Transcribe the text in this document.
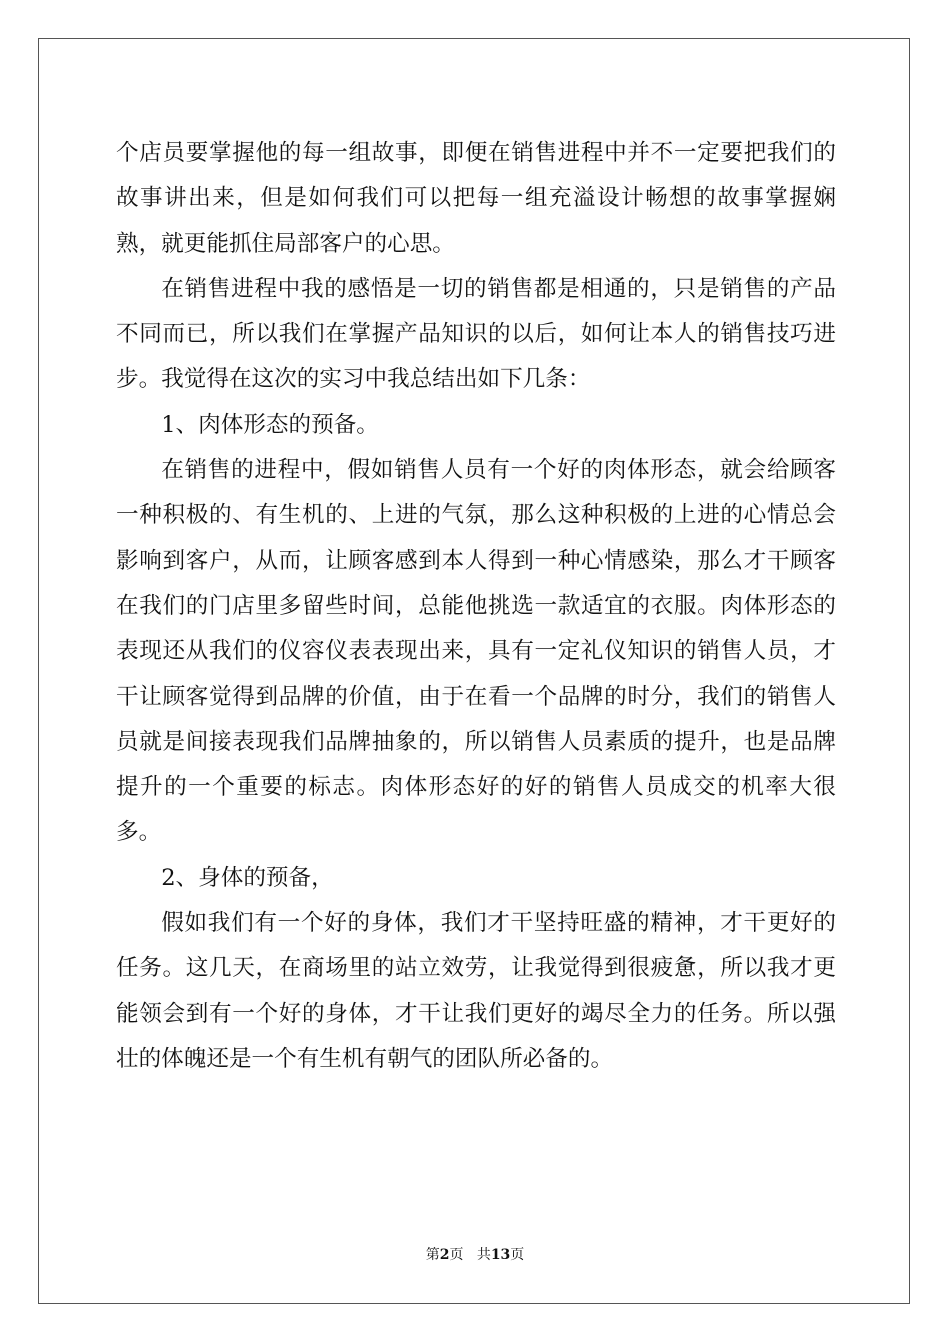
个店员要掌握他的每一组故事，即便在销售进程中并不一定要把我们的故事讲出来，但是如何我们可以把每一组充溢设计畅想的故事掌握娴熟，就更能抓住局部客户的心思。

在销售进程中我的感悟是一切的销售都是相通的，只是销售的产品不同而已，所以我们在掌握产品知识的以后，如何让本人的销售技巧进步。我觉得在这次的实习中我总结出如下几条：

1、肉体形态的预备。

在销售的进程中，假如销售人员有一个好的肉体形态，就会给顾客一种积极的、有生机的、上进的气氛，那么这种积极的上进的心情总会影响到客户，从而，让顾客感到本人得到一种心情感染，那么才干顾客在我们的门店里多留些时间，总能他挑选一款适宜的衣服。肉体形态的表现还从我们的仪容仪表表现出来，具有一定礼仪知识的销售人员，才干让顾客觉得到品牌的价值，由于在看一个品牌的时分，我们的销售人员就是间接表现我们品牌抽象的，所以销售人员素质的提升，也是品牌提升的一个重要的标志。肉体形态好的好的销售人员成交的机率大很多。

2、身体的预备，

假如我们有一个好的身体，我们才干坚持旺盛的精神，才干更好的任务。这几天，在商场里的站立效劳，让我觉得到很疲惫，所以我才更能领会到有一个好的身体，才干让我们更好的竭尽全力的任务。所以强壮的体魄还是一个有生机有朝气的团队所必备的。

第2页 共13页
